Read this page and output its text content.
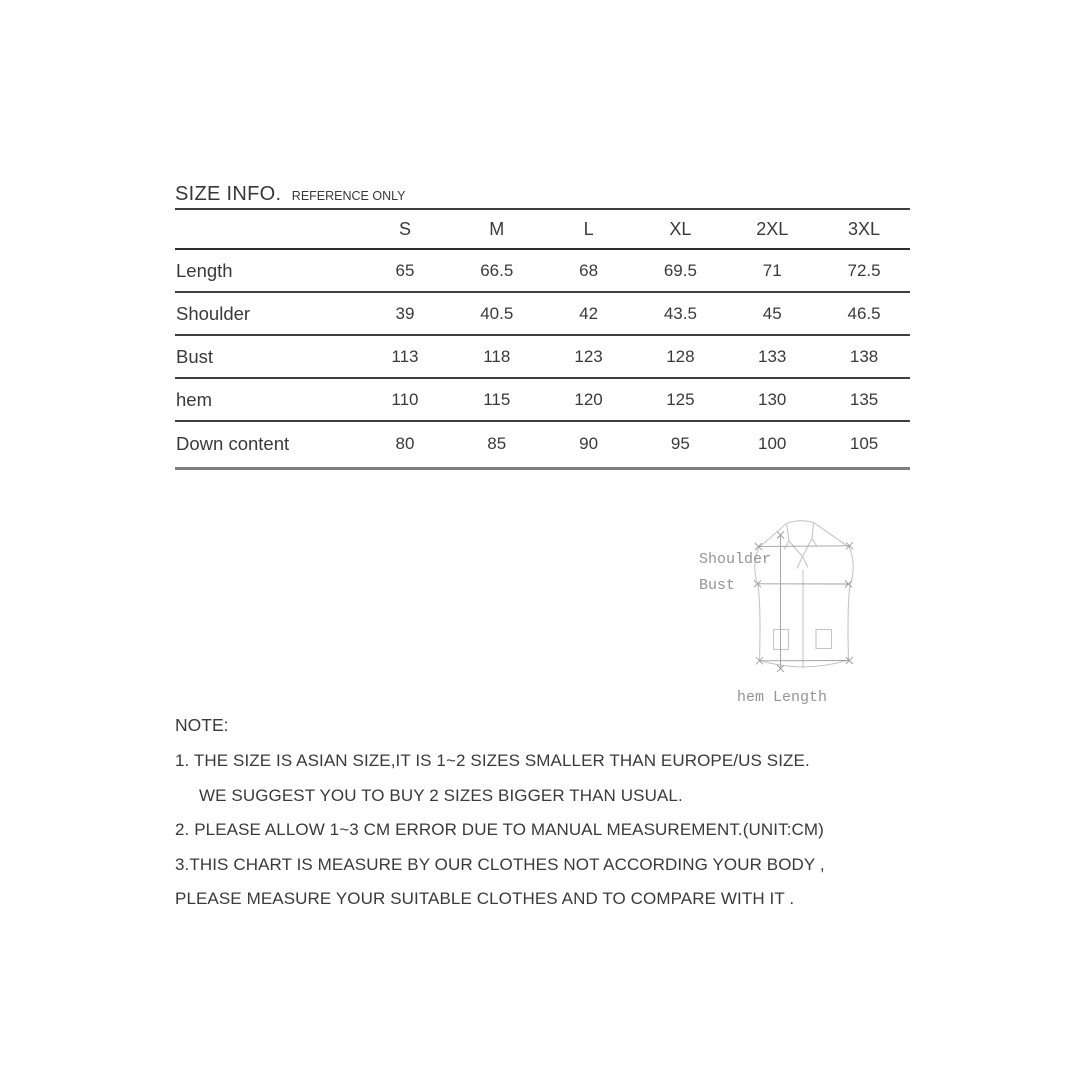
SIZE INFO. REFERENCE ONLY
	S	M	L	XL	2XL	3XL
Length	65	66.5	68	69.5	71	72.5
Shoulder	39	40.5	42	43.5	45	46.5
Bust	113	118	123	128	133	138
hem	110	115	120	125	130	135
Down content	80	85	90	95	100	105
Shoulder
Bust
hem Length
NOTE:
1. THE SIZE IS ASIAN SIZE,IT IS 1~2 SIZES SMALLER THAN EUROPE/US SIZE.
WE SUGGEST YOU TO BUY 2 SIZES BIGGER THAN USUAL.
2. PLEASE ALLOW 1~3 CM ERROR DUE TO MANUAL MEASUREMENT.(UNIT:CM)
3.THIS CHART IS MEASURE BY OUR CLOTHES NOT ACCORDING YOUR BODY ,
PLEASE MEASURE YOUR SUITABLE CLOTHES AND TO COMPARE WITH IT .
